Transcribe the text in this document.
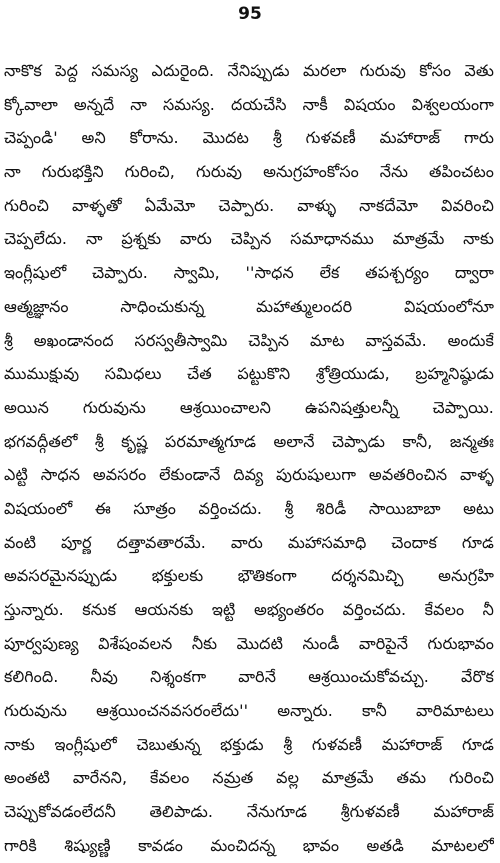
95
నాకొక పెద్ద సమస్య ఎదురైంది. నేనిప్పుడు మరలా గురువు కోసం వెతు
క్కోవాలా అన్నదే నా సమస్య. దయచేసి నాకీ విషయం విశ్వలయంగా
చెప్పండి' అని కోరాను. మొదట శ్రీ గుళవణీ మహారాజ్ గారు
నా గురుభక్తిని గురించి, గురువు అనుగ్రహంకోసం నేను తపించటం
గురించి వాళ్ళతో ఏమేమో చెప్పారు. వాళ్ళు నాకదేమో వివరించి
చెప్పలేదు. నా ప్రశ్నకు వారు చెప్పిన సమాధానము మాత్రమే నాకు
ఇంగ్లీషులో చెప్పారు. స్వామి, ''సాధన లేక తపశ్చర్యం ద్వారా
ఆత్మజ్ఞానం సాధించుకున్న మహాత్ములందరి విషయంలోనూ
శ్రీ అఖండానంద సరస్వతీస్వామి చెప్పిన మాట వాస్తవమే. అందుకే
ముముక్షువు సమిధలు చేత పట్టుకొని శ్రోత్రియుడు, బ్రహ్మనిష్ఠుడు
అయిన గురువును ఆశ్రయించాలని ఉపనిషత్తులన్నీ చెప్పాయి.
భగవద్గీతలో శ్రీ కృష్ణ పరమాత్మగూడ అలానే చెప్పాడు కానీ, జన్మతః
ఎట్టి సాధన అవసరం లేకుండానే దివ్య పురుషులుగా అవతరించిన వాళ్ళ
విషయంలో ఈ సూత్రం వర్తించదు. శ్రీ శిరిడీ సాయిబాబా అటు
వంటి పూర్ణ దత్తావతారమే. వారు మహాసమాధి చెందాక గూడ
అవసరమైనప్పుడు భక్తులకు భౌతికంగా దర్శనమిచ్చి అనుగ్రహి
స్తున్నారు. కనుక ఆయనకు ఇట్టి అభ్యంతరం వర్తించదు. కేవలం నీ
పూర్వపుణ్య విశేషంవలన నీకు మొదటి నుండీ వారిపైనే గురుభావం
కలిగింది. నీవు నిశ్శంకగా వారినే ఆశ్రయించుకోవచ్చు. వేరొక
గురువును ఆశ్రయించనవసరంలేదు'' అన్నారు. కానీ వారిమాటలు
నాకు ఇంగ్లీషులో చెబుతున్న భక్తుడు శ్రీ గుళవణీ మహారాజ్ గూడ
అంతటి వారేనని, కేవలం నమ్రత వల్ల మాత్రమే తమ గురించి
చెప్పుకోవడంలేదనీ తెలిపాడు. నేనుగూడ శ్రీగుళవణీ మహారాజ్
గారికి శిష్యుణ్ణి కావడం మంచిదన్న భావం అతడి మాటలలో
